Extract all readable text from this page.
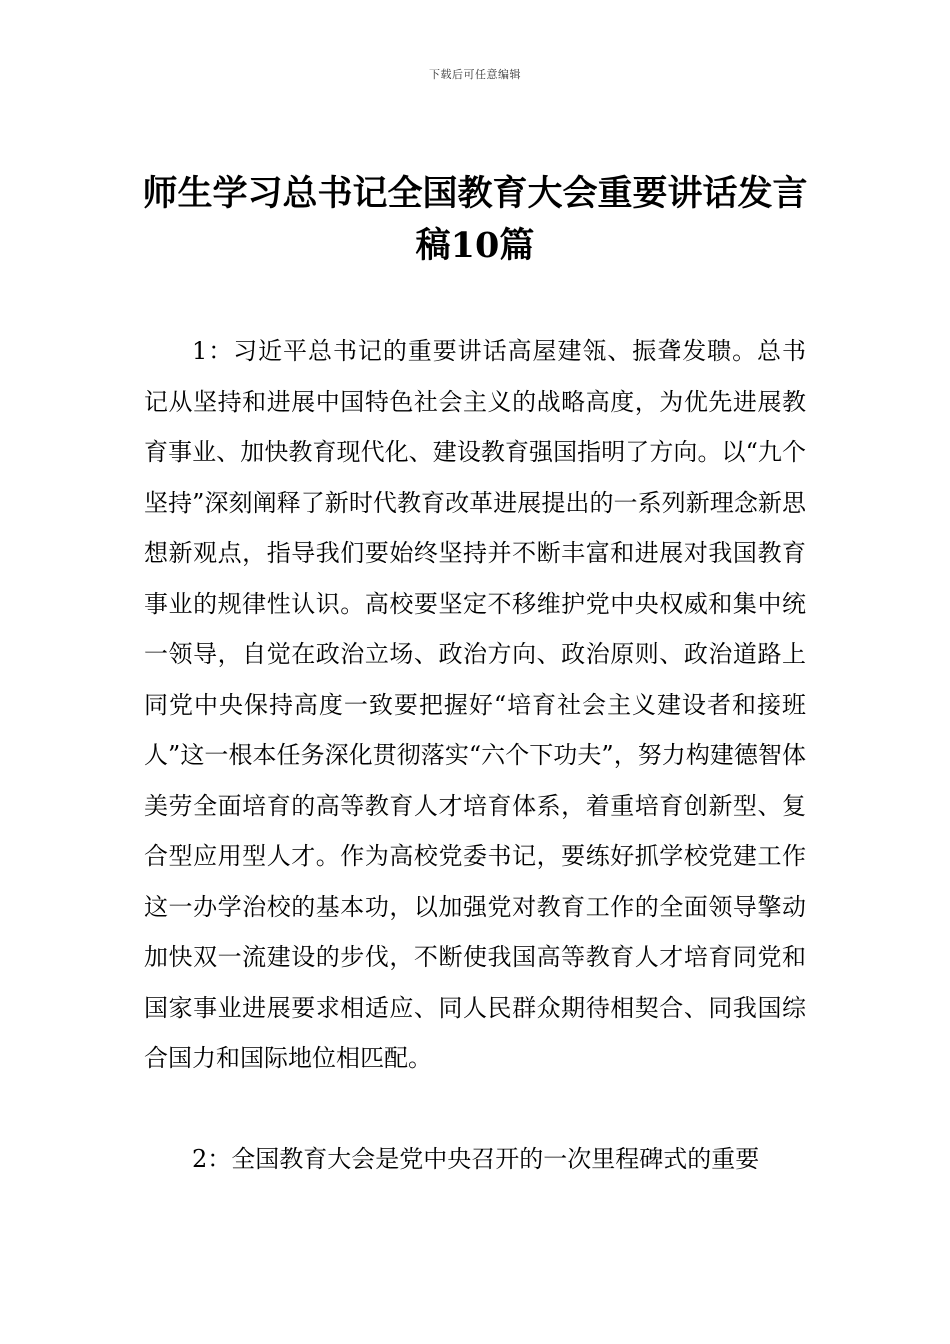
下载后可任意编辑
师生学习总书记全国教育大会重要讲话发言稿10篇

1：习近平总书记的重要讲话高屋建瓴、振聋发聩。总书记从坚持和进展中国特色社会主义的战略高度，为优先进展教育事业、加快教育现代化、建设教育强国指明了方向。以“九个坚持”深刻阐释了新时代教育改革进展提出的一系列新理念新思想新观点，指导我们要始终坚持并不断丰富和进展对我国教育事业的规律性认识。高校要坚定不移维护党中央权威和集中统一领导，自觉在政治立场、政治方向、政治原则、政治道路上同党中央保持高度一致要把握好“培育社会主义建设者和接班人”这一根本任务深化贯彻落实“六个下功夫”，努力构建德智体美劳全面培育的高等教育人才培育体系，着重培育创新型、复合型应用型人才。作为高校党委书记，要练好抓学校党建工作这一办学治校的基本功，以加强党对教育工作的全面领导擎动加快双一流建设的步伐，不断使我国高等教育人才培育同党和国家事业进展要求相适应、同人民群众期待相契合、同我国综合国力和国际地位相匹配。

2：全国教育大会是党中央召开的一次里程碑式的重要
